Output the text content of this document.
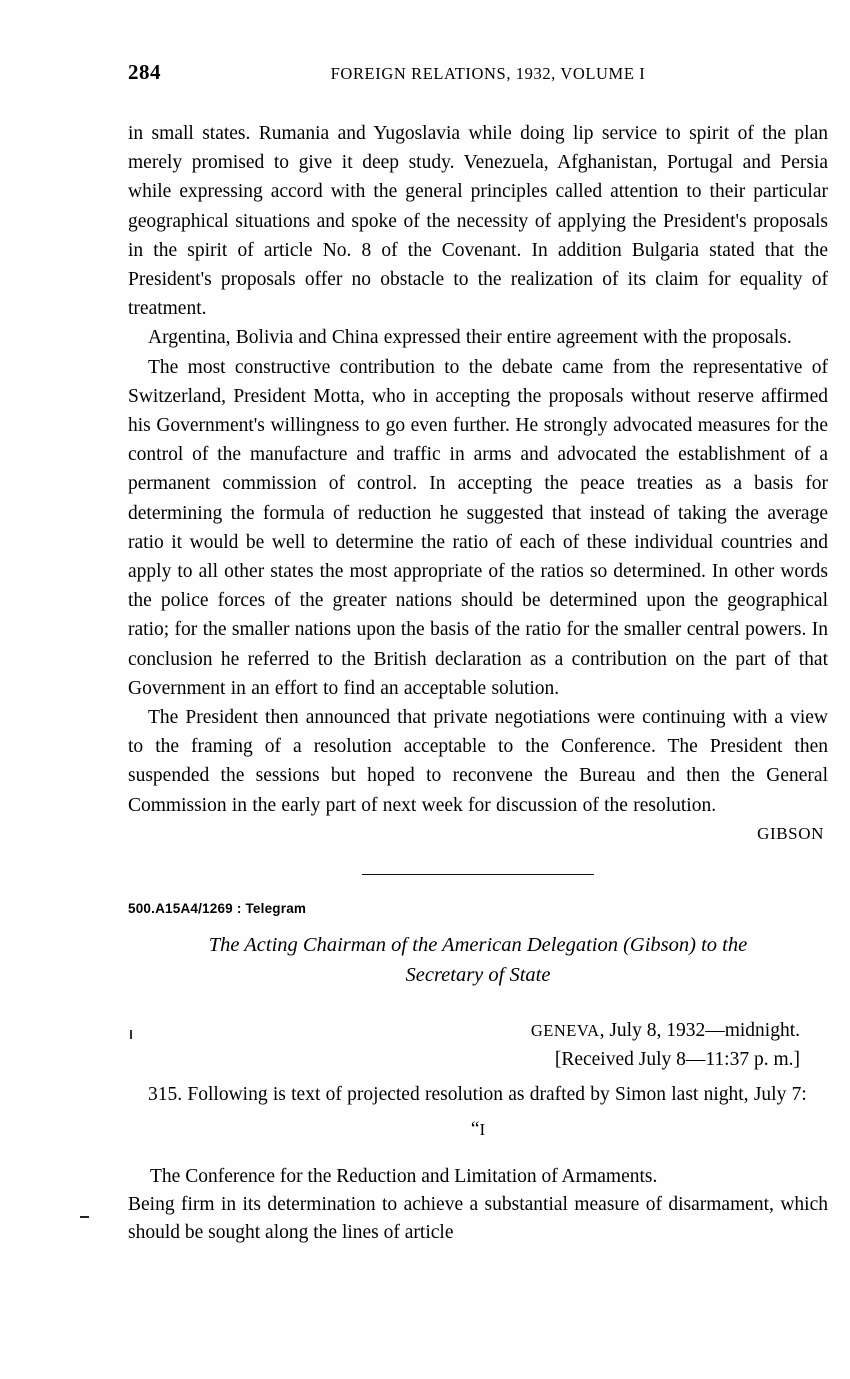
284	FOREIGN RELATIONS, 1932, VOLUME I

in small states. Rumania and Yugoslavia while doing lip service to spirit of the plan merely promised to give it deep study. Venezuela, Afghanistan, Portugal and Persia while expressing accord with the general principles called attention to their particular geographical situations and spoke of the necessity of applying the President's proposals in the spirit of article No. 8 of the Covenant. In addition Bulgaria stated that the President's proposals offer no obstacle to the realization of its claim for equality of treatment.

Argentina, Bolivia and China expressed their entire agreement with the proposals.

The most constructive contribution to the debate came from the representative of Switzerland, President Motta, who in accepting the proposals without reserve affirmed his Government's willingness to go even further. He strongly advocated measures for the control of the manufacture and traffic in arms and advocated the establishment of a permanent commission of control. In accepting the peace treaties as a basis for determining the formula of reduction he suggested that instead of taking the average ratio it would be well to determine the ratio of each of these individual countries and apply to all other states the most appropriate of the ratios so determined. In other words the police forces of the greater nations should be determined upon the geographical ratio; for the smaller nations upon the basis of the ratio for the smaller central powers. In conclusion he referred to the British declaration as a contribution on the part of that Government in an effort to find an acceptable solution.

The President then announced that private negotiations were continuing with a view to the framing of a resolution acceptable to the Conference. The President then suspended the sessions but hoped to reconvene the Bureau and then the General Commission in the early part of next week for discussion of the resolution.

GIBSON
500.A15A4/1269 : Telegram
The Acting Chairman of the American Delegation (Gibson) to the
Secretary of State
GENEVA, July 8, 1932—midnight.
[Received July 8—11:37 p. m.]

315. Following is text of projected resolution as drafted by Simon last night, July 7:

“I

The Conference for the Reduction and Limitation of Armaments.

Being firm in its determination to achieve a substantial measure of disarmament, which should be sought along the lines of article
